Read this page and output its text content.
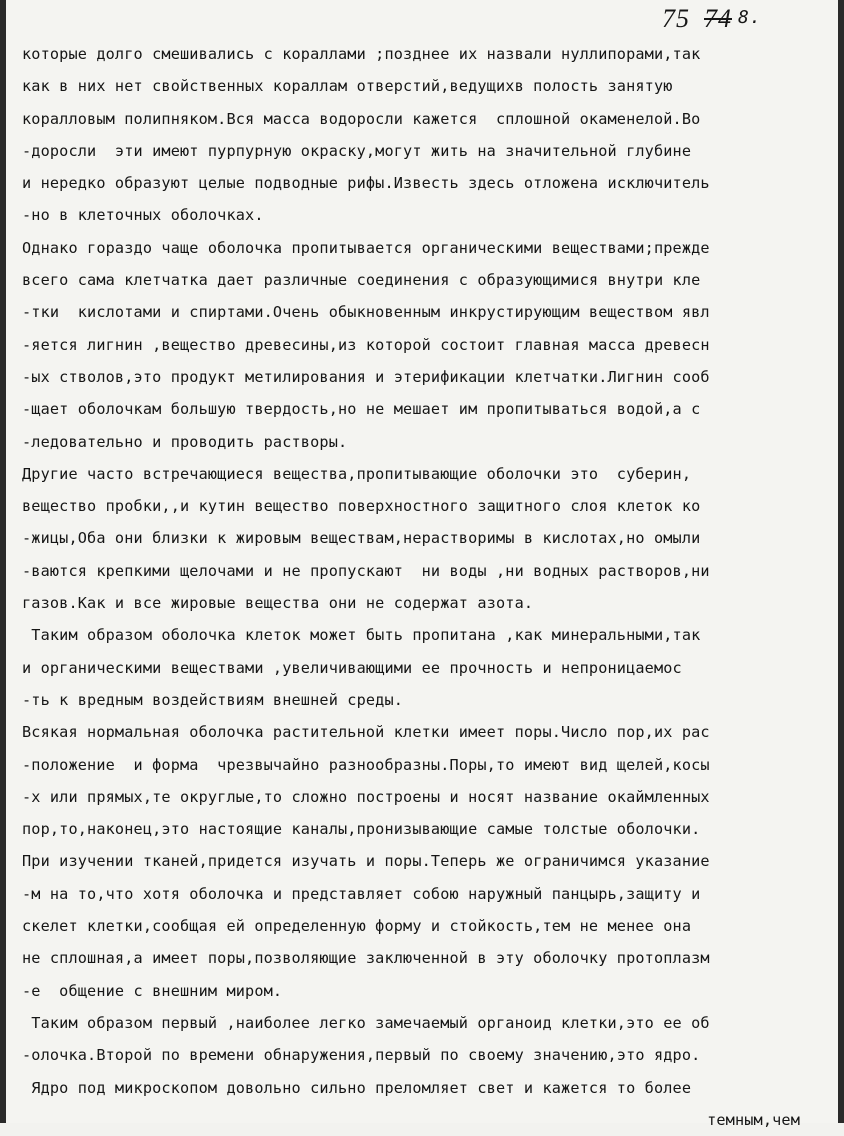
75 74 8.
которые долго смешивались с кораллами ;позднее их назвали нуллипорами,так
как в них нет свойственных кораллам отверстий,ведущихв полость занятую
коралловым полипняком.Вся масса водоросли кажется  сплошной окаменелой.Во
-доросли  эти имеют пурпурную окраску,могут жить на значительной глубине
и нередко образуют целые подводные рифы.Известь здесь отложена исключитель
-но в клеточных оболочках.
Однако гораздо чаще оболочка пропитывается органическими веществами;прежде
всего сама клетчатка дает различные соединения с образующимися внутри кле
-тки  кислотами и спиртами.Очень обыкновенным инкрустирующим веществом явл
-яется лигнин ,вещество древесины,из которой состоит главная масса древесн
-ых стволов,это продукт метилирования и этерификации клетчатки.Лигнин сооб
-щает оболочкам большую твердость,но не мешает им пропитываться водой,а с
-ледовательно и проводить растворы.
Другие часто встречающиеся вещества,пропитывающие оболочки это  суберин,
вещество пробки,,и кутин вещество поверхностного защитного слоя клеток ко
-жицы,Оба они близки к жировым веществам,нерастворимы в кислотах,но омыли
-ваются крепкими щелочами и не пропускают  ни воды ,ни водных растворов,ни
газов.Как и все жировые вещества они не содержат азота.
Таким образом оболочка клеток может быть пропитана ,как минеральными,так
и органическими веществами ,увеличивающими ее прочность и непроницаемос
-ть к вредным воздействиям внешней среды.
Всякая нормальная оболочка растительной клетки имеет поры.Число пор,их рас
-положение  и форма  чрезвычайно разнообразны.Поры,то имеют вид щелей,косы
-х или прямых,те округлые,то сложно построены и носят название окаймленных
пор,то,наконец,это настоящие каналы,пронизывающие самые толстые оболочки.
При изучении тканей,придется изучать и поры.Теперь же ограничимся указание
-м на то,что хотя оболочка и представляет собою наружный панцырь,защиту и
скелет клетки,сообщая ей определенную форму и стойкость,тем не менее она
не сплошная,а имеет поры,позволяющие заключенной в эту оболочку протоплазм
-е  общение с внешним миром.
Таким образом первый ,наиболее легко замечаемый органоид клетки,это ее об
-олочка.Второй по времени обнаружения,первый по своему значению,это ядро.
Ядро под микроскопом довольно сильно преломляет свет и кажется то более
темным,чем
